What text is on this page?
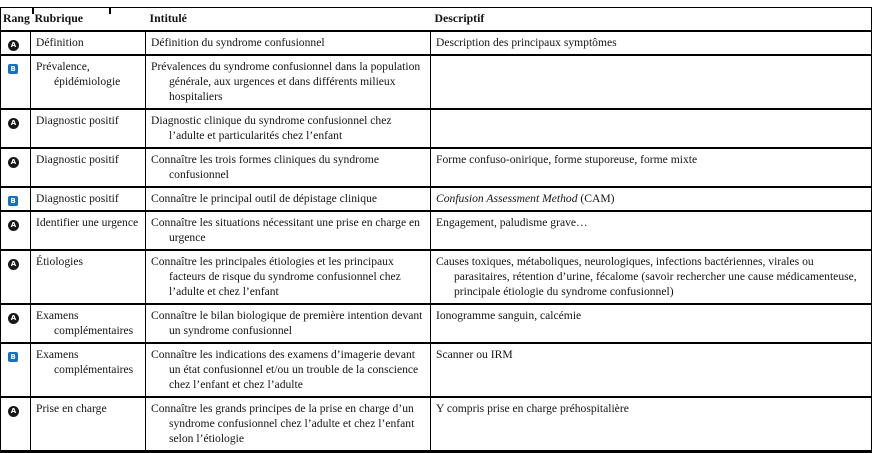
Rang	Rubrique	Intitulé	Descriptif
A	Définition	Définition du syndrome confusionnel	Description des principaux symptômes
B	Prévalence, épidémiologie	Prévalences du syndrome confusionnel dans la population générale, aux urgences et dans différents milieux hospitaliers	
A	Diagnostic positif	Diagnostic clinique du syndrome confusionnel chez l’adulte et particularités chez l’enfant	
A	Diagnostic positif	Connaître les trois formes cliniques du syndrome confusionnel	Forme confuso-onirique, forme stuporeuse, forme mixte
B	Diagnostic positif	Connaître le principal outil de dépistage clinique	Confusion Assessment Method (CAM)
A	Identifier une urgence	Connaître les situations nécessitant une prise en charge en urgence	Engagement, paludisme grave…
A	Étiologies	Connaître les principales étiologies et les principaux facteurs de risque du syndrome confusionnel chez l’adulte et chez l’enfant	Causes toxiques, métaboliques, neurologiques, infections bactériennes, virales ou parasitaires, rétention d’urine, fécalome (savoir rechercher une cause médicamenteuse, principale étiologie du syndrome confusionnel)
A	Examens complémentaires	Connaître le bilan biologique de première intention devant un syndrome confusionnel	Ionogramme sanguin, calcémie
B	Examens complémentaires	Connaître les indications des examens d’imagerie devant un état confusionnel et/ou un trouble de la conscience chez l’enfant et chez l’adulte	Scanner ou IRM
A	Prise en charge	Connaître les grands principes de la prise en charge d’un syndrome confusionnel chez l’adulte et chez l’enfant selon l’étiologie	Y compris prise en charge préhospitalière
